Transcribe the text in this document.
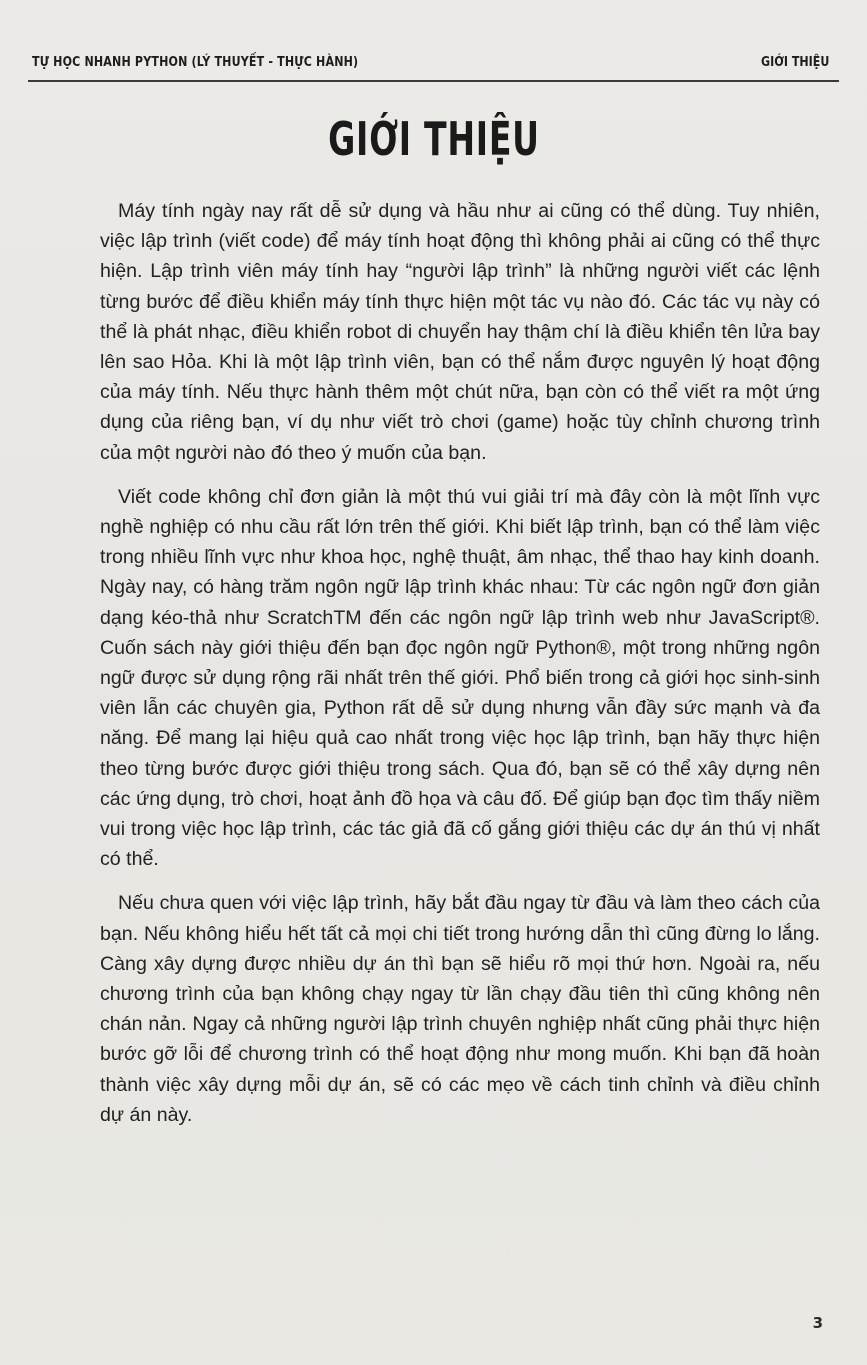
TỰ HỌC NHANH PYTHON (LÝ THUYẾT - THỰC HÀNH)	GIỚI THIỆU
GIỚI THIỆU

Máy tính ngày nay rất dễ sử dụng và hầu như ai cũng có thể dùng. Tuy nhiên, việc lập trình (viết code) để máy tính hoạt động thì không phải ai cũng có thể thực hiện. Lập trình viên máy tính hay “người lập trình” là những người viết các lệnh từng bước để điều khiển máy tính thực hiện một tác vụ nào đó. Các tác vụ này có thể là phát nhạc, điều khiển robot di chuyển hay thậm chí là điều khiển tên lửa bay lên sao Hỏa. Khi là một lập trình viên, bạn có thể nắm được nguyên lý hoạt động của máy tính. Nếu thực hành thêm một chút nữa, bạn còn có thể viết ra một ứng dụng của riêng bạn, ví dụ như viết trò chơi (game) hoặc tùy chỉnh chương trình của một người nào đó theo ý muốn của bạn.

Viết code không chỉ đơn giản là một thú vui giải trí mà đây còn là một lĩnh vực nghề nghiệp có nhu cầu rất lớn trên thế giới. Khi biết lập trình, bạn có thể làm việc trong nhiều lĩnh vực như khoa học, nghệ thuật, âm nhạc, thể thao hay kinh doanh. Ngày nay, có hàng trăm ngôn ngữ lập trình khác nhau: Từ các ngôn ngữ đơn giản dạng kéo-thả như ScratchTM đến các ngôn ngữ lập trình web như JavaScript®. Cuốn sách này giới thiệu đến bạn đọc ngôn ngữ Python®, một trong những ngôn ngữ được sử dụng rộng rãi nhất trên thế giới. Phổ biến trong cả giới học sinh-sinh viên lẫn các chuyên gia, Python rất dễ sử dụng nhưng vẫn đầy sức mạnh và đa năng. Để mang lại hiệu quả cao nhất trong việc học lập trình, bạn hãy thực hiện theo từng bước được giới thiệu trong sách. Qua đó, bạn sẽ có thể xây dựng nên các ứng dụng, trò chơi, hoạt ảnh đồ họa và câu đố. Để giúp bạn đọc tìm thấy niềm vui trong việc học lập trình, các tác giả đã cố gắng giới thiệu các dự án thú vị nhất có thể.

Nếu chưa quen với việc lập trình, hãy bắt đầu ngay từ đầu và làm theo cách của bạn. Nếu không hiểu hết tất cả mọi chi tiết trong hướng dẫn thì cũng đừng lo lắng. Càng xây dựng được nhiều dự án thì bạn sẽ hiểu rõ mọi thứ hơn. Ngoài ra, nếu chương trình của bạn không chạy ngay từ lần chạy đầu tiên thì cũng không nên chán nản. Ngay cả những người lập trình chuyên nghiệp nhất cũng phải thực hiện bước gỡ lỗi để chương trình có thể hoạt động như mong muốn. Khi bạn đã hoàn thành việc xây dựng mỗi dự án, sẽ có các mẹo về cách tinh chỉnh và điều chỉnh dự án này.

3
